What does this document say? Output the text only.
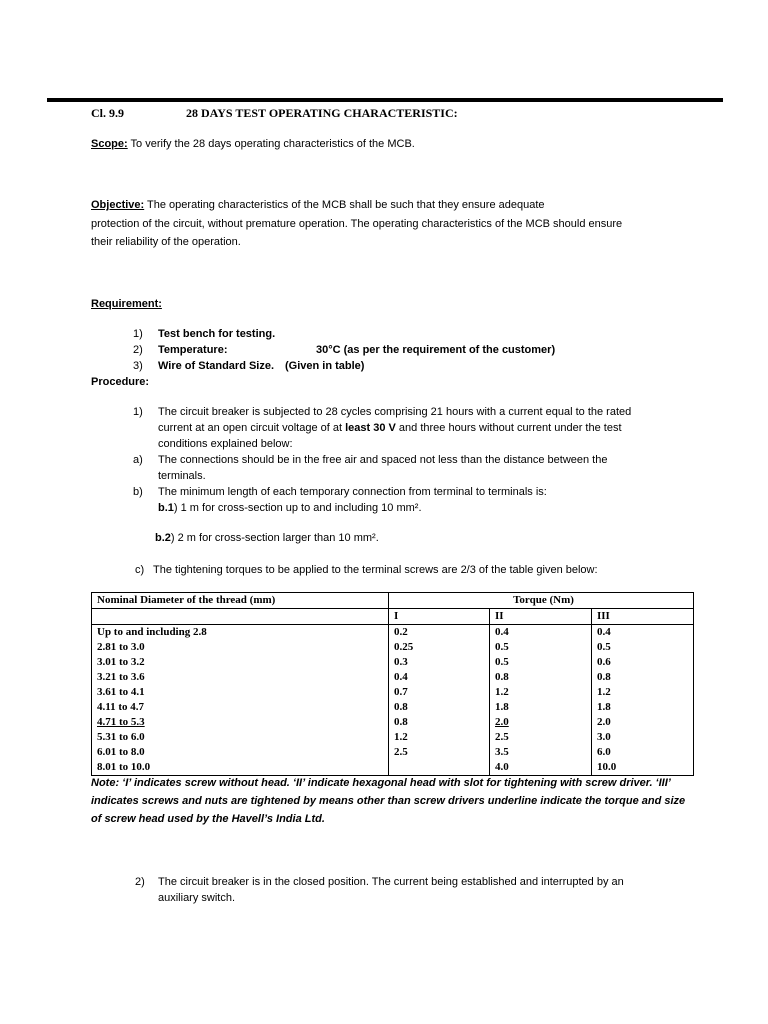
Cl. 9.9	28 DAYS TEST OPERATING CHARACTERISTIC:
Scope: To verify the 28 days operating characteristics of the MCB.
Objective: The operating characteristics of the MCB shall be such that they ensure adequate
protection of the circuit, without premature operation. The operating characteristics of the MCB should ensure
their reliability of the operation.
Requirement:
1) Test bench for testing.
2) Temperature:	30°C (as per the requirement of the customer)
3) Wire of Standard Size. (Given in table)
Procedure:
1) The circuit breaker is subjected to 28 cycles comprising 21 hours with a current equal to the rated
current at an open circuit voltage of at least 30 V and three hours without current under the test
conditions explained below:
a) The connections should be in the free air and spaced not less than the distance between the
terminals.
b) The minimum length of each temporary connection from terminal to terminals is:
b.1) 1 m for cross-section up to and including 10 mm².
b.2) 2 m for cross-section larger than 10 mm².
c) The tightening torques to be applied to the terminal screws are 2/3 of the table given below:
Nominal Diameter of the thread (mm)	Torque (Nm)		
	I	II	III
Up to and including 2.8	0.2	0.4	0.4
2.81 to 3.0	0.25	0.5	0.5
3.01 to 3.2	0.3	0.5	0.6
3.21 to 3.6	0.4	0.8	0.8
3.61 to 4.1	0.7	1.2	1.2
4.11 to 4.7	0.8	1.8	1.8
4.71 to 5.3	0.8	2.0	2.0
5.31 to 6.0	1.2	2.5	3.0
6.01 to 8.0	2.5	3.5	6.0
8.01 to 10.0		4.0	10.0
Note: ‘I’ indicates screw without head. ‘II’ indicate hexagonal head with slot for tightening with screw driver. ‘III’ indicates screws and nuts are tightened by means other than screw drivers underline indicate the torque and size of screw head used by the Havell’s India Ltd.
2) The circuit breaker is in the closed position. The current being established and interrupted by an
auxiliary switch.
